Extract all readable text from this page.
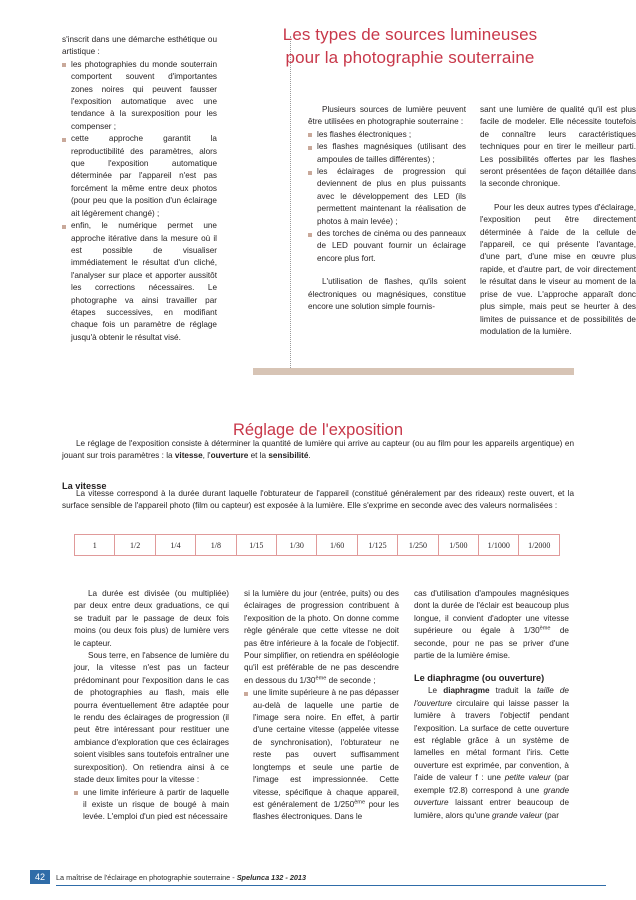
s'inscrit dans une démarche esthétique ou artistique :

les photographies du monde souterrain comportent souvent d'importantes zones noires qui peuvent fausser l'exposition automatique avec une tendance à la surexposition pour les compenser ;
cette approche garantit la reproductibilité des paramètres, alors que l'exposition automatique déterminée par l'appareil n'est pas forcément la même entre deux photos (pour peu que la position d'un éclairage ait légèrement changé) ;
enfin, le numérique permet une approche itérative dans la mesure où il est possible de visualiser immédiatement le résultat d'un cliché, l'analyser sur place et apporter aussitôt les corrections nécessaires. Le photographe va ainsi travailler par étapes successives, en modifiant chaque fois un paramètre de réglage jusqu'à obtenir le résultat visé.

Plusieurs sources de lumière peuvent être utilisées en photographie souterraine :

les flashes électroniques ;
les flashes magnésiques (utilisant des ampoules de tailles différentes) ;
les éclairages de progression qui deviennent de plus en plus puissants avec le développement des LED (ils permettent maintenant la réalisation de photos à main levée) ;
des torches de cinéma ou des panneaux de LED pouvant fournir un éclairage encore plus fort.

L'utilisation de flashes, qu'ils soient électroniques ou magnésiques, constitue encore une solution simple fournis-

sant une lumière de qualité qu'il est plus facile de modeler. Elle nécessite toutefois de connaître leurs caractéristiques techniques pour en tirer le meilleur parti. Les possibilités offertes par les flashes seront présentées de façon détaillée dans la seconde chronique.

Pour les deux autres types d'éclairage, l'exposition peut être directement déterminée à l'aide de la cellule de l'appareil, ce qui présente l'avantage, d'une part, d'une mise en œuvre plus rapide, et d'autre part, de voir directement le résultat dans le viseur au moment de la prise de vue. L'approche apparaît donc plus simple, mais peut se heurter à des limites de puissance et de possibilités de modulation de la lumière.

Les types de sources lumineuses
pour la photographie souterraine
Réglage de l'exposition

Le réglage de l'exposition consiste à déterminer la quantité de lumière qui arrive au capteur (ou au film pour les appareils argentique) en jouant sur trois paramètres : la vitesse, l'ouverture et la sensibilité.

La vitesse

La vitesse correspond à la durée durant laquelle l'obturateur de l'appareil (constitué généralement par des rideaux) reste ouvert, et la surface sensible de l'appareil photo (film ou capteur) est exposée à la lumière. Elle s'exprime en seconde avec des valeurs normalisées :

1	1/2	1/4	1/8	1/15	1/30	1/60	1/125	1/250	1/500	1/1000	1/2000

La durée est divisée (ou multipliée) par deux entre deux graduations, ce qui se traduit par le passage de deux fois moins (ou deux fois plus) de lumière vers le capteur.

Sous terre, en l'absence de lumière du jour, la vitesse n'est pas un facteur prédominant pour l'exposition dans le cas de photographies au flash, mais elle pourra éventuellement être adaptée pour le rendu des éclairages de progression (il peut être intéressant pour restituer une ambiance d'exploration que ces éclairages soient visibles sans toutefois entraîner une surexposition). On retiendra ainsi à ce stade deux limites pour la vitesse :

une limite inférieure à partir de laquelle il existe un risque de bougé à main levée. L'emploi d'un pied est nécessaire

si la lumière du jour (entrée, puits) ou des éclairages de progression contribuent à l'exposition de la photo. On donne comme règle générale que cette vitesse ne doit pas être inférieure à la focale de l'objectif. Pour simplifier, on retiendra en spéléologie qu'il est préférable de ne pas descendre en dessous du 1/30ème de seconde ;

une limite supérieure à ne pas dépasser au-delà de laquelle une partie de l'image sera noire. En effet, à partir d'une certaine vitesse (appelée vitesse de synchronisation), l'obturateur ne reste pas ouvert suffisamment longtemps et seule une partie de l'image est impressionnée. Cette vitesse, spécifique à chaque appareil, est généralement de 1/250ème pour les flashes électroniques. Dans le

cas d'utilisation d'ampoules magnésiques dont la durée de l'éclair est beaucoup plus longue, il convient d'adopter une vitesse supérieure ou égale à 1/30ème de seconde, pour ne pas se priver d'une partie de la lumière émise.

Le diaphragme (ou ouverture)

Le diaphragme traduit la taille de l'ouverture circulaire qui laisse passer la lumière à travers l'objectif pendant l'exposition. La surface de cette ouverture est réglable grâce à un système de lamelles en métal formant l'iris. Cette ouverture est exprimée, par convention, à l'aide de valeur f : une petite valeur (par exemple f/2.8) correspond à une grande ouverture laissant entrer beaucoup de lumière, alors qu'une grande valeur (par

42	La maîtrise de l'éclairage en photographie souterraine - Spelunca 132 - 2013
